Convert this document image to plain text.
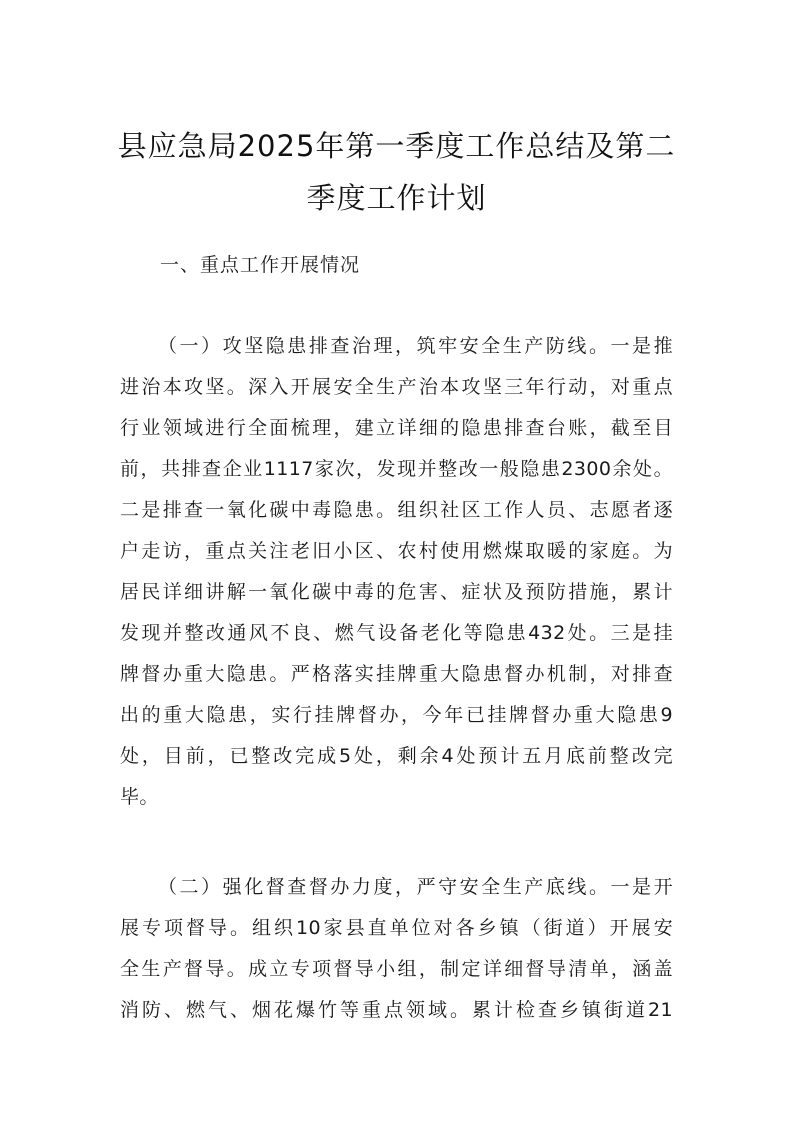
县应急局2025年第一季度工作总结及第二
季度工作计划
一、重点工作开展情况
（一）攻坚隐患排查治理，筑牢安全生产防线。一是推
进治本攻坚。深入开展安全生产治本攻坚三年行动，对重点
行业领域进行全面梳理，建立详细的隐患排查台账，截至目
前，共排查企业1117家次，发现并整改一般隐患2300余处。
二是排查一氧化碳中毒隐患。组织社区工作人员、志愿者逐
户走访，重点关注老旧小区、农村使用燃煤取暖的家庭。为
居民详细讲解一氧化碳中毒的危害、症状及预防措施，累计
发现并整改通风不良、燃气设备老化等隐患432处。三是挂
牌督办重大隐患。严格落实挂牌重大隐患督办机制，对排查
出的重大隐患，实行挂牌督办，今年已挂牌督办重大隐患9
处，目前，已整改完成5处，剩余4处预计五月底前整改完
毕。
（二）强化督查督办力度，严守安全生产底线。一是开
展专项督导。组织10家县直单位对各乡镇（街道）开展安
全生产督导。成立专项督导小组，制定详细督导清单，涵盖
消防、燃气、烟花爆竹等重点领域。累计检查乡镇街道21
